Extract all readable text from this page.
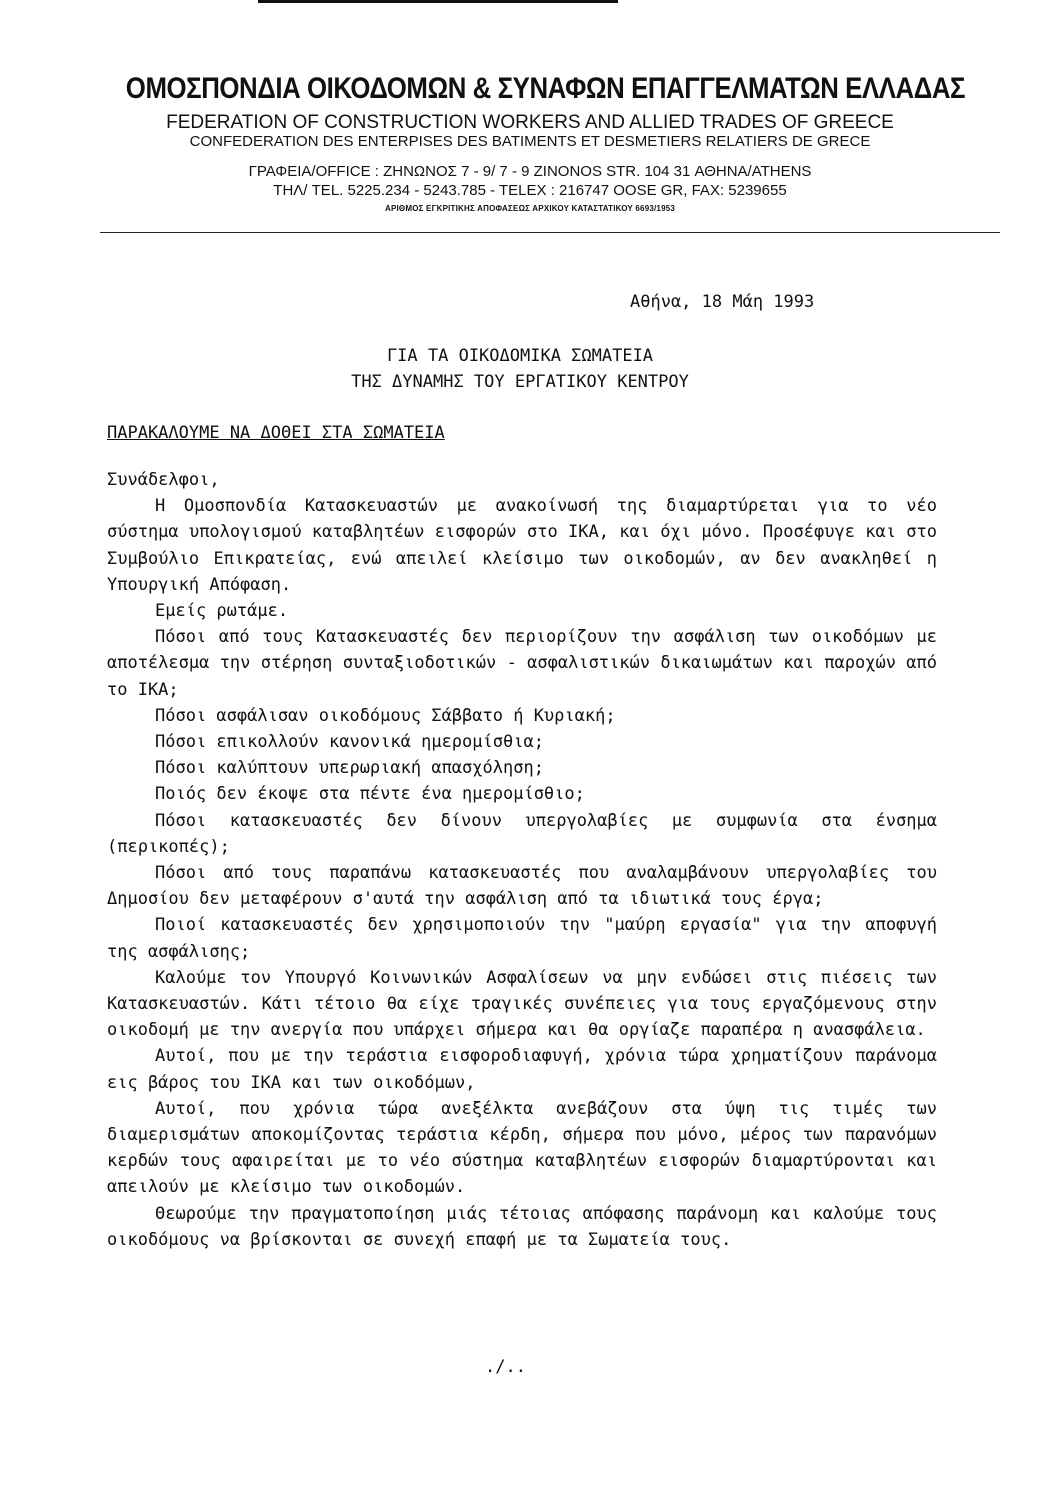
ΟΜΟΣΠΟΝΔΙΑ ΟΙΚΟΔΟΜΩΝ & ΣΥΝΑΦΩΝ ΕΠΑΓΓΕΛΜΑΤΩΝ ΕΛΛΑΔΑΣ

FEDERATION OF CONSTRUCTION WORKERS AND ALLIED TRADES OF GREECE

CONFEDERATION DES ENTERPISES DES BATIMENTS ET DESMETIERS RELATIERS DE GRECE

ΓΡΑΦΕΙΑ/OFFICE : ΖΗΝΩΝΟΣ 7 - 9/ 7 - 9 ZINONOS STR. 104 31 ΑΘΗΝΑ/ATHENS

ΤΗΛ/ TEL. 5225.234 - 5243.785 - TELEX : 216747 OOSE GR, FAX: 5239655

ΑΡΙΘΜΟΣ ΕΓΚΡΙΤΙΚΗΣ ΑΠΟΦΑΣΕΩΣ ΑΡΧΙΚΟΥ ΚΑΤΑΣΤΑΤΙΚΟΥ 6693/1953

Αθήνα, 18 Μάη 1993
ΓΙΑ ΤΑ ΟΙΚΟΔΟΜΙΚΑ ΣΩΜΑΤΕΙΑ
ΤΗΣ ΔΥΝΑΜΗΣ ΤΟΥ ΕΡΓΑΤΙΚΟΥ ΚΕΝΤΡΟΥ
ΠΑΡΑΚΑΛΟΥΜΕ ΝΑ ΔΟΘΕΙ ΣΤΑ ΣΩΜΑΤΕΙΑ

Συνάδελφοι,

Η Ομοσπονδία Κατασκευαστών με ανακοίνωσή της διαμαρτύρεται για το νέο σύστημα υπολογισμού καταβλητέων εισφορών στο ΙΚΑ, και όχι μόνο. Προσέφυγε και στο Συμβούλιο Επικρατείας, ενώ απειλεί κλείσιμο των οικοδομών, αν δεν ανακληθεί η Υπουργική Απόφαση.

Εμείς ρωτάμε.

Πόσοι από τους Κατασκευαστές δεν περιορίζουν την ασφάλιση των οικοδόμων με αποτέλεσμα την στέρηση συνταξιοδοτικών - ασφαλιστικών δικαιωμάτων και παροχών από το ΙΚΑ;

Πόσοι ασφάλισαν οικοδόμους Σάββατο ή Κυριακή;

Πόσοι επικολλούν κανονικά ημερομίσθια;

Πόσοι καλύπτουν υπερωριακή απασχόληση;

Ποιός δεν έκοψε στα πέντε ένα ημερομίσθιο;

Πόσοι κατασκευαστές δεν δίνουν υπεργολαβίες με συμφωνία στα ένσημα (περικοπές);

Πόσοι από τους παραπάνω κατασκευαστές που αναλαμβάνουν υπεργολαβίες του Δημοσίου δεν μεταφέρουν σ'αυτά την ασφάλιση από τα ιδιωτικά τους έργα;

Ποιοί κατασκευαστές δεν χρησιμοποιούν την "μαύρη εργασία" για την αποφυγή της ασφάλισης;

Καλούμε τον Υπουργό Κοινωνικών Ασφαλίσεων να μην ενδώσει στις πιέσεις των Κατασκευαστών. Κάτι τέτοιο θα είχε τραγικές συνέπειες για τους εργαζόμενους στην οικοδομή με την ανεργία που υπάρχει σήμερα και θα οργίαζε παραπέρα η ανασφάλεια.

Αυτοί, που με την τεράστια εισφοροδιαφυγή, χρόνια τώρα χρηματίζουν παράνομα εις βάρος του ΙΚΑ και των οικοδόμων,

Αυτοί, που χρόνια τώρα ανεξέλκτα ανεβάζουν στα ύψη τις τιμές των διαμερισμάτων αποκομίζοντας τεράστια κέρδη, σήμερα που μόνο, μέρος των παρανόμων κερδών τους αφαιρείται με το νέο σύστημα καταβλητέων εισφορών διαμαρτύρονται και απειλούν με κλείσιμο των οικοδομών.

Θεωρούμε την πραγματοποίηση μιάς τέτοιας απόφασης παράνομη και καλούμε τους οικοδόμους να βρίσκονται σε συνεχή επαφή με τα Σωματεία τους.

./..
